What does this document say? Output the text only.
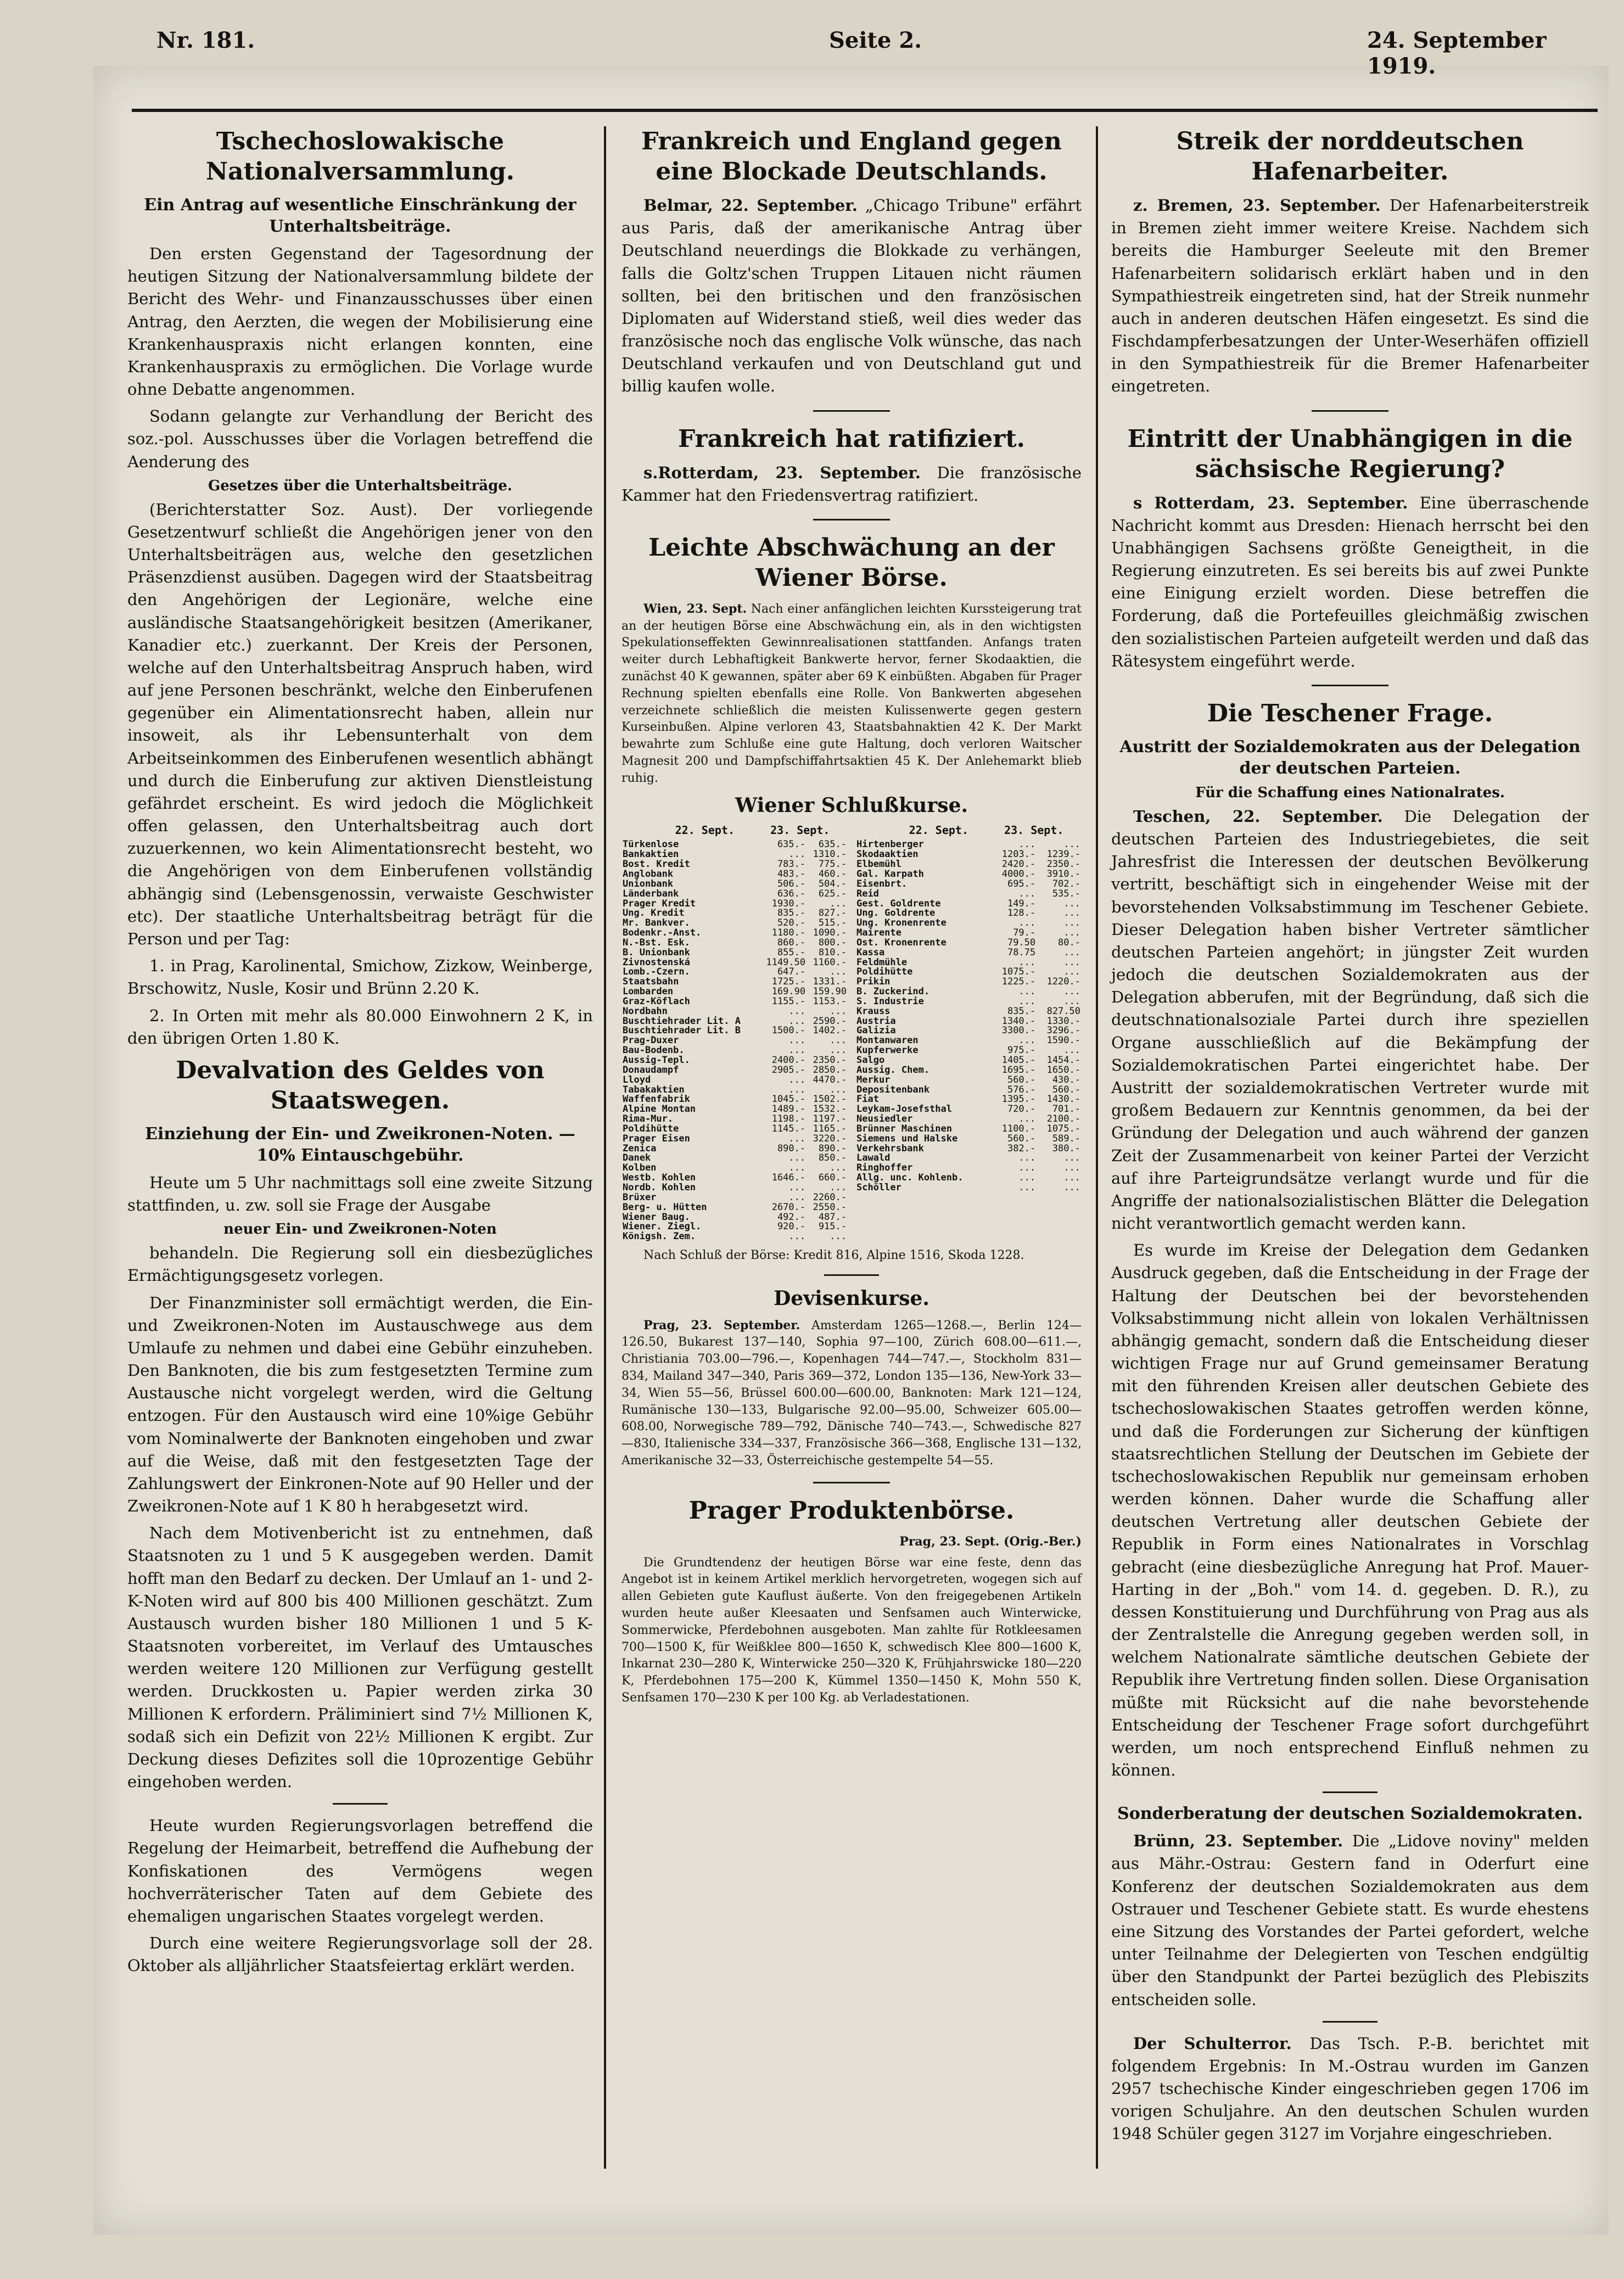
Nr. 181.	Seite 2.	24. September 1919.
Tschechoslowakische Nationalversammlung.
Ein Antrag auf wesentliche Einschränkung der Unterhaltsbeiträge.

Den ersten Gegenstand der Tagesordnung der heutigen Sitzung der Nationalversammlung bildete der Bericht des Wehr- und Finanzausschusses über einen Antrag, den Aerzten, die wegen der Mobilisierung eine Krankenhauspraxis nicht erlangen konnten, eine Krankenhauspraxis zu ermöglichen. Die Vorlage wurde ohne Debatte angenommen.

Sodann gelangte zur Verhandlung der Bericht des soz.-pol. Ausschusses über die Vorlagen betreffend die Aenderung des

Gesetzes über die Unterhaltsbeiträge.

(Berichterstatter Soz. Aust). Der vorliegende Gesetzentwurf schließt die Angehörigen jener von den Unterhaltsbeiträgen aus, welche den gesetzlichen Präsenzdienst ausüben. Dagegen wird der Staatsbeitrag den Angehörigen der Legionäre, welche eine ausländische Staatsangehörigkeit besitzen (Amerikaner, Kanadier etc.) zuerkannt. Der Kreis der Personen, welche auf den Unterhaltsbeitrag Anspruch haben, wird auf jene Personen beschränkt, welche den Einberufenen gegenüber ein Alimentationsrecht haben, allein nur insoweit, als ihr Lebensunterhalt von dem Arbeitseinkommen des Einberufenen wesentlich abhängt und durch die Einberufung zur aktiven Dienstleistung gefährdet erscheint. Es wird jedoch die Möglichkeit offen gelassen, den Unterhaltsbeitrag auch dort zuzuerkennen, wo kein Alimentationsrecht besteht, wo die Angehörigen von dem Einberufenen vollständig abhängig sind (Lebensgenossin, verwaiste Geschwister etc). Der staatliche Unterhaltsbeitrag beträgt für die Person und per Tag:

1. in Prag, Karolinental, Smichow, Zizkow, Weinberge, Brschowitz, Nusle, Kosir und Brünn 2.20 K.

2. In Orten mit mehr als 80.000 Einwohnern 2 K, in den übrigen Orten 1.80 K.

Devalvation des Geldes von Staatswegen.
Einziehung der Ein- und Zweikronen-Noten. — 10% Eintauschgebühr.

Heute um 5 Uhr nachmittags soll eine zweite Sitzung stattfinden, u. zw. soll sie Frage der Ausgabe

neuer Ein- und Zweikronen-Noten

behandeln. Die Regierung soll ein diesbezügliches Ermächtigungsgesetz vorlegen.

Der Finanzminister soll ermächtigt werden, die Ein- und Zweikronen-Noten im Austauschwege aus dem Umlaufe zu nehmen und dabei eine Gebühr einzuheben. Den Banknoten, die bis zum festgesetzten Termine zum Austausche nicht vorgelegt werden, wird die Geltung entzogen. Für den Austausch wird eine 10%ige Gebühr vom Nominalwerte der Banknoten eingehoben und zwar auf die Weise, daß mit den festgesetzten Tage der Zahlungswert der Einkronen-Note auf 90 Heller und der Zweikronen-Note auf 1 K 80 h herabgesetzt wird.

Nach dem Motivenbericht ist zu entnehmen, daß Staatsnoten zu 1 und 5 K ausgegeben werden. Damit hofft man den Bedarf zu decken. Der Umlauf an 1- und 2-K-Noten wird auf 800 bis 400 Millionen geschätzt. Zum Austausch wurden bisher 180 Millionen 1 und 5 K-Staatsnoten vorbereitet, im Verlauf des Umtausches werden weitere 120 Millionen zur Verfügung gestellt werden. Druckkosten u. Papier werden zirka 30 Millionen K erfordern. Präliminiert sind 7½ Millionen K, sodaß sich ein Defizit von 22½ Millionen K ergibt. Zur Deckung dieses Defizites soll die 10prozentige Gebühr eingehoben werden.

Heute wurden Regierungsvorlagen betreffend die Regelung der Heimarbeit, betreffend die Aufhebung der Konfiskationen des Vermögens wegen hochverräterischer Taten auf dem Gebiete des ehemaligen ungarischen Staates vorgelegt werden.

Durch eine weitere Regierungsvorlage soll der 28. Oktober als alljährlicher Staatsfeiertag erklärt werden.

Frankreich und England gegen eine Blockade Deutschlands.

Belmar, 22. September. „Chicago Tribune" erfährt aus Paris, daß der amerikanische Antrag über Deutschland neuerdings die Blokkade zu verhängen, falls die Goltz'schen Truppen Litauen nicht räumen sollten, bei den britischen und den französischen Diplomaten auf Widerstand stieß, weil dies weder das französische noch das englische Volk wünsche, das nach Deutschland verkaufen und von Deutschland gut und billig kaufen wolle.

Frankreich hat ratifiziert.

s.Rotterdam, 23. September. Die französische Kammer hat den Friedensvertrag ratifiziert.

Leichte Abschwächung an der Wiener Börse.

Wien, 23. Sept. Nach einer anfänglichen leichten Kurssteigerung trat an der heutigen Börse eine Abschwächung ein, als in den wichtigsten Spekulationseffekten Gewinnrealisationen stattfanden. Anfangs traten weiter durch Lebhaftigkeit Bankwerte hervor, ferner Skodaaktien, die zunächst 40 K gewannen, später aber 69 K einbüßten. Abgaben für Prager Rechnung spielten ebenfalls eine Rolle. Von Bankwerten abgesehen verzeichnete schließlich die meisten Kulissenwerte gegen gestern Kurseinbußen. Alpine verloren 43, Staatsbahnaktien 42 K. Der Markt bewahrte zum Schluße eine gute Haltung, doch verloren Waitscher Magnesit 200 und Dampfschiffahrtsaktien 45 K. Der Anlehemarkt blieb ruhig.

Wiener Schlußkurse.
22. Sept.	23. Sept.
Türkenlose	635.-	635.-
Bankaktien	...	1310.-
Bost. Kredit	783.-	775.-
Anglobank	483.-	460.-
Unionbank	506.-	504.-
Länderbank	636.-	625.-
Prager Kredit	1930.-	...
Ung. Kredit	835.-	827.-
Mr. Bankver.	520.-	515.-
Bodenkr.-Anst.	1180.-	1090.-
N.-Bst. Esk.	860.-	800.-
B. Unionbank	855.-	810.-
Zivnostenská	1149.50	1160.-
Lomb.-Czern.	647.-	...
Staatsbahn	1725.-	1331.-
Lombarden	169.90	159.90
Graz-Köflach	1155.-	1153.-
Nordbahn	...	...
Buschtiehrader Lit. A	...	2590.-
Buschtiehrader Lit. B	1500.-	1402.-
Prag-Duxer	...	...
Bau-Bodenb.	...	...
Aussig-Tepl.	2400.-	2350.-
Donaudampf	2905.-	2850.-
Lloyd	...	4470.-
Tabakaktien	...	...
Waffenfabrik	1045.-	1502.-
Alpine Montan	1489.-	1532.-
Rima-Mur.	1198.-	1197.-
Poldihütte	1145.-	1165.-
Prager Eisen	...	3220.-
Zenica	890.-	890.-
Danek	...	850.-
Kolben	...	...
Westb. Kohlen	1646.-	660.-
Nordb. Kohlen	...	...
Brüxer	...	2260.-
Berg- u. Hütten	2670.-	2550.-
Wiener Baug.	492.-	487.-
Wiener. Ziegl.	920.-	915.-
Königsh. Zem.	...	...
22. Sept.	23. Sept.
Hirtenberger	...	...
Skodaaktien	1203.-	1239.-
Elbemühl	2420.-	2350.-
Gal. Karpath	4000.-	3910.-
Eisenbrt.	695.-	702.-
Reid	...	535.-
Gest. Goldrente	149.-	...
Ung. Goldrente	128.-	...
Ung. Kronenrente	...	...
Mairente	79.-	...
Ost. Kronenrente	79.50	80.-
Kassa	78.75	...
Feldmühle	...	...
Poldihütte	1075.-	...
Prikin	1225.-	1220.-
B. Zuckerind.	...	...
S. Industrie	...	...
Krauss	835.-	827.50
Austria	1340.-	1330.-
Galizia	3300.-	3296.-
Montanwaren	...	1590.-
Kupferwerke	975.-	...
Salgo	1405.-	1454.-
Aussig. Chem.	1695.-	1650.-
Merkur	560.-	430.-
Depositenbank	576.-	560.-
Fiat	1395.-	1430.-
Leykam-Josefsthal	720.-	701.-
Neusiedler	...	2100.-
Brünner Maschinen	1100.-	1075.-
Siemens und Halske	560.-	589.-
Verkehrsbank	382.-	380.-
Lawald	...	...
Ringhoffer	...	...
Allg. unc. Kohlenb.	...	...
Schöller	...	...

Nach Schluß der Börse: Kredit 816, Alpine 1516, Skoda 1228.

Devisenkurse.

Prag, 23. September. Amsterdam 1265—1268.—, Berlin 124—126.50, Bukarest 137—140, Sophia 97—100, Zürich 608.00—611.—, Christiania 703.00—796.—, Kopenhagen 744—747.—, Stockholm 831—834, Mailand 347—340, Paris 369—372, London 135—136, New-York 33—34, Wien 55—56, Brüssel 600.00—600.00, Banknoten: Mark 121—124, Rumänische 130—133, Bulgarische 92.00—95.00, Schweizer 605.00—608.00, Norwegische 789—792, Dänische 740—743.—, Schwedische 827—830, Italienische 334—337, Französische 366—368, Englische 131—132, Amerikanische 32—33, Österreichische gestempelte 54—55.

Prager Produktenbörse.

Prag, 23. Sept. (Orig.-Ber.)

Die Grundtendenz der heutigen Börse war eine feste, denn das Angebot ist in keinem Artikel merklich hervorgetreten, wogegen sich auf allen Gebieten gute Kauflust äußerte. Von den freigegebenen Artikeln wurden heute außer Kleesaaten und Senfsamen auch Winterwicke, Sommerwicke, Pferdebohnen ausgeboten. Man zahlte für Rotkleesamen 700—1500 K, für Weißklee 800—1650 K, schwedisch Klee 800—1600 K, Inkarnat 230—280 K, Winterwicke 250—320 K, Frühjahrswicke 180—220 K, Pferdebohnen 175—200 K, Kümmel 1350—1450 K, Mohn 550 K, Senfsamen 170—230 K per 100 Kg. ab Verladestationen.

Streik der norddeutschen Hafenarbeiter.

z. Bremen, 23. September. Der Hafenarbeiterstreik in Bremen zieht immer weitere Kreise. Nachdem sich bereits die Hamburger Seeleute mit den Bremer Hafenarbeitern solidarisch erklärt haben und in den Sympathiestreik eingetreten sind, hat der Streik nunmehr auch in anderen deutschen Häfen eingesetzt. Es sind die Fischdampferbesatzungen der Unter-Weserhäfen offiziell in den Sympathiestreik für die Bremer Hafenarbeiter eingetreten.

Eintritt der Unabhängigen in die sächsische Regierung?

s Rotterdam, 23. September. Eine überraschende Nachricht kommt aus Dresden: Hienach herrscht bei den Unabhängigen Sachsens größte Geneigtheit, in die Regierung einzutreten. Es sei bereits bis auf zwei Punkte eine Einigung erzielt worden. Diese betreffen die Forderung, daß die Portefeuilles gleichmäßig zwischen den sozialistischen Parteien aufgeteilt werden und daß das Rätesystem eingeführt werde.

Die Teschener Frage.
Austritt der Sozialdemokraten aus der Delegation der deutschen Parteien.
Für die Schaffung eines Nationalrates.

Teschen, 22. September. Die Delegation der deutschen Parteien des Industriegebietes, die seit Jahresfrist die Interessen der deutschen Bevölkerung vertritt, beschäftigt sich in eingehender Weise mit der bevorstehenden Volksabstimmung im Teschener Gebiete. Dieser Delegation haben bisher Vertreter sämtlicher deutschen Parteien angehört; in jüngster Zeit wurden jedoch die deutschen Sozialdemokraten aus der Delegation abberufen, mit der Begründung, daß sich die deutschnationalsoziale Partei durch ihre speziellen Organe ausschließlich auf die Bekämpfung der Sozialdemokratischen Partei eingerichtet habe. Der Austritt der sozialdemokratischen Vertreter wurde mit großem Bedauern zur Kenntnis genommen, da bei der Gründung der Delegation und auch während der ganzen Zeit der Zusammenarbeit von keiner Partei der Verzicht auf ihre Parteigrundsätze verlangt wurde und für die Angriffe der nationalsozialistischen Blätter die Delegation nicht verantwortlich gemacht werden kann.

Es wurde im Kreise der Delegation dem Gedanken Ausdruck gegeben, daß die Entscheidung in der Frage der Haltung der Deutschen bei der bevorstehenden Volksabstimmung nicht allein von lokalen Verhältnissen abhängig gemacht, sondern daß die Entscheidung dieser wichtigen Frage nur auf Grund gemeinsamer Beratung mit den führenden Kreisen aller deutschen Gebiete des tschechoslowakischen Staates getroffen werden könne, und daß die Forderungen zur Sicherung der künftigen staatsrechtlichen Stellung der Deutschen im Gebiete der tschechoslowakischen Republik nur gemeinsam erhoben werden können. Daher wurde die Schaffung aller deutschen Vertretung aller deutschen Gebiete der Republik in Form eines Nationalrates in Vorschlag gebracht (eine diesbezügliche Anregung hat Prof. Mauer-Harting in der „Boh." vom 14. d. gegeben. D. R.), zu dessen Konstituierung und Durchführung von Prag aus als der Zentralstelle die Anregung gegeben werden soll, in welchem Nationalrate sämtliche deutschen Gebiete der Republik ihre Vertretung finden sollen. Diese Organisation müßte mit Rücksicht auf die nahe bevorstehende Entscheidung der Teschener Frage sofort durchgeführt werden, um noch entsprechend Einfluß nehmen zu können.

Sonderberatung der deutschen Sozialdemokraten.

Brünn, 23. September. Die „Lidove noviny" melden aus Mähr.-Ostrau: Gestern fand in Oderfurt eine Konferenz der deutschen Sozialdemokraten aus dem Ostrauer und Teschener Gebiete statt. Es wurde ehestens eine Sitzung des Vorstandes der Partei gefordert, welche unter Teilnahme der Delegierten von Teschen endgültig über den Standpunkt der Partei bezüglich des Plebiszits entscheiden solle.

Der Schulterror. Das Tsch. P.-B. berichtet mit folgendem Ergebnis: In M.-Ostrau wurden im Ganzen 2957 tschechische Kinder eingeschrieben gegen 1706 im vorigen Schuljahre. An den deutschen Schulen wurden 1948 Schüler gegen 3127 im Vorjahre eingeschrieben.
